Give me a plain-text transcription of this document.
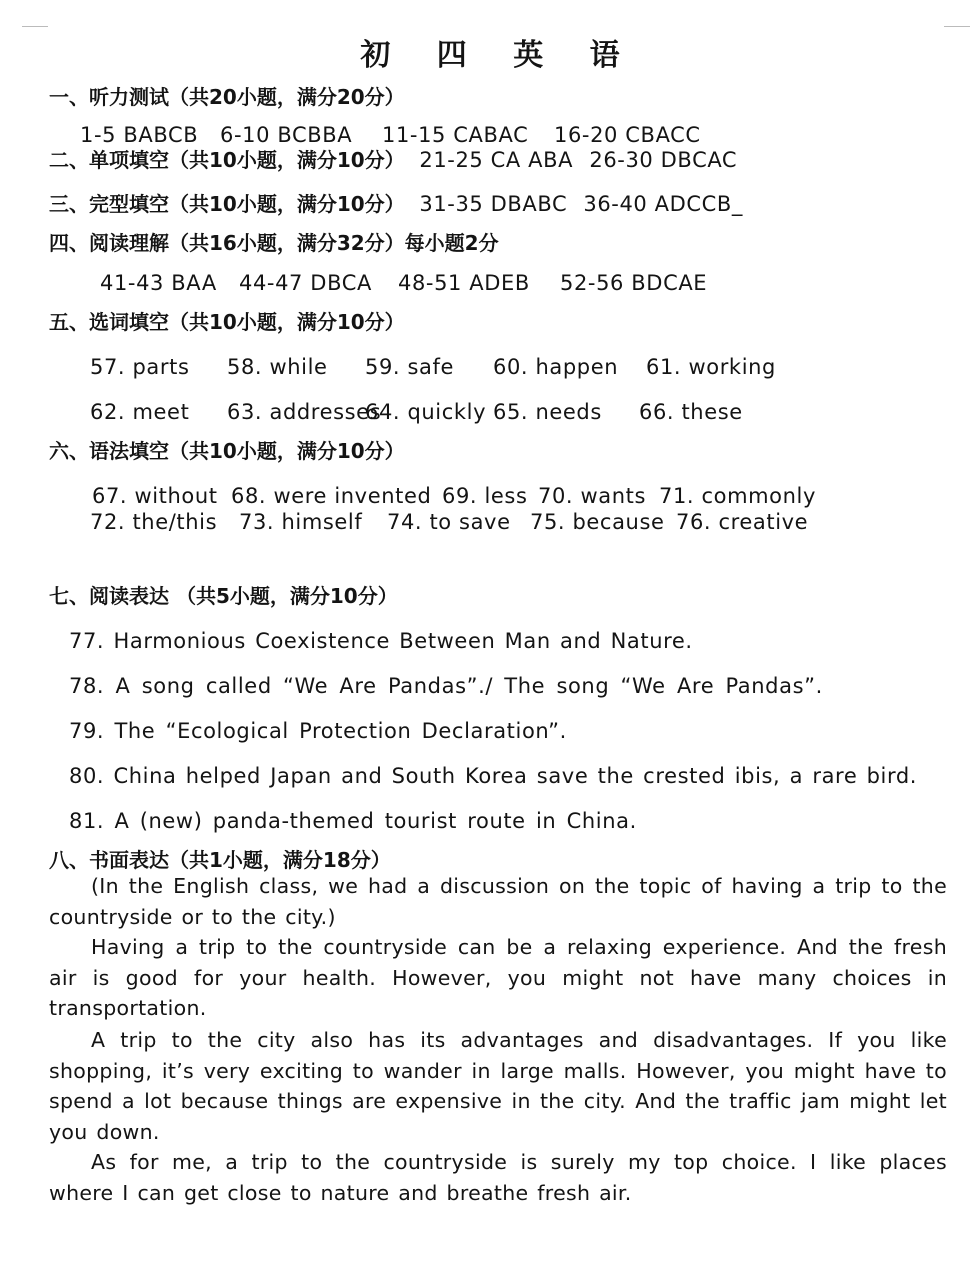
初 四 英 语
一、听力测试（共20小题，满分20分）
1-5 BABCB 6-10 BCBBA 11-15 CABAC 16-20 CBACC
二、单项填空（共10小题，满分10分） 21-25 CA ABA 26-30 DBCAC
三、完型填空（共10小题，满分10分） 31-35 DBABC 36-40 ADCCB_
四、阅读理解（共16小题，满分32分）每小题2分
41-43 BAA 44-47 DBCA 48-51 ADEB 52-56 BDCAE
五、选词填空（共10小题，满分10分）
57. parts 58. while 59. safe 60. happen 61. working
62. meet 63. addresses64. quickly 65. needs 66. these
六、语法填空（共10小题，满分10分）
67. without 68. were invented 69. less 70. wants 71. commonly
72. the/this 73. himself 74. to save 75. because 76. creative
七、阅读表达 （共5小题，满分10分）
77. Harmonious Coexistence Between Man and Nature.
78. A song called “We Are Pandas”./ The song “We Are Pandas”.
79. The “Ecological Protection Declaration”.
80. China helped Japan and South Korea save the crested ibis, a rare bird.
81. A (new) panda-themed tourist route in China.
八、书面表达（共1小题，满分18分）
(In the English class, we had a discussion on the topic of having a trip to the countryside or to the city.)
Having a trip to the countryside can be a relaxing experience. And the fresh air is good for your health. However, you might not have many choices in transportation.
A trip to the city also has its advantages and disadvantages. If you like shopping, it’s very exciting to wander in large malls. However, you might have to spend a lot because things are expensive in the city. And the traffic jam might let you down.
As for me, a trip to the countryside is surely my top choice. I like places where I can get close to nature and breathe fresh air.
